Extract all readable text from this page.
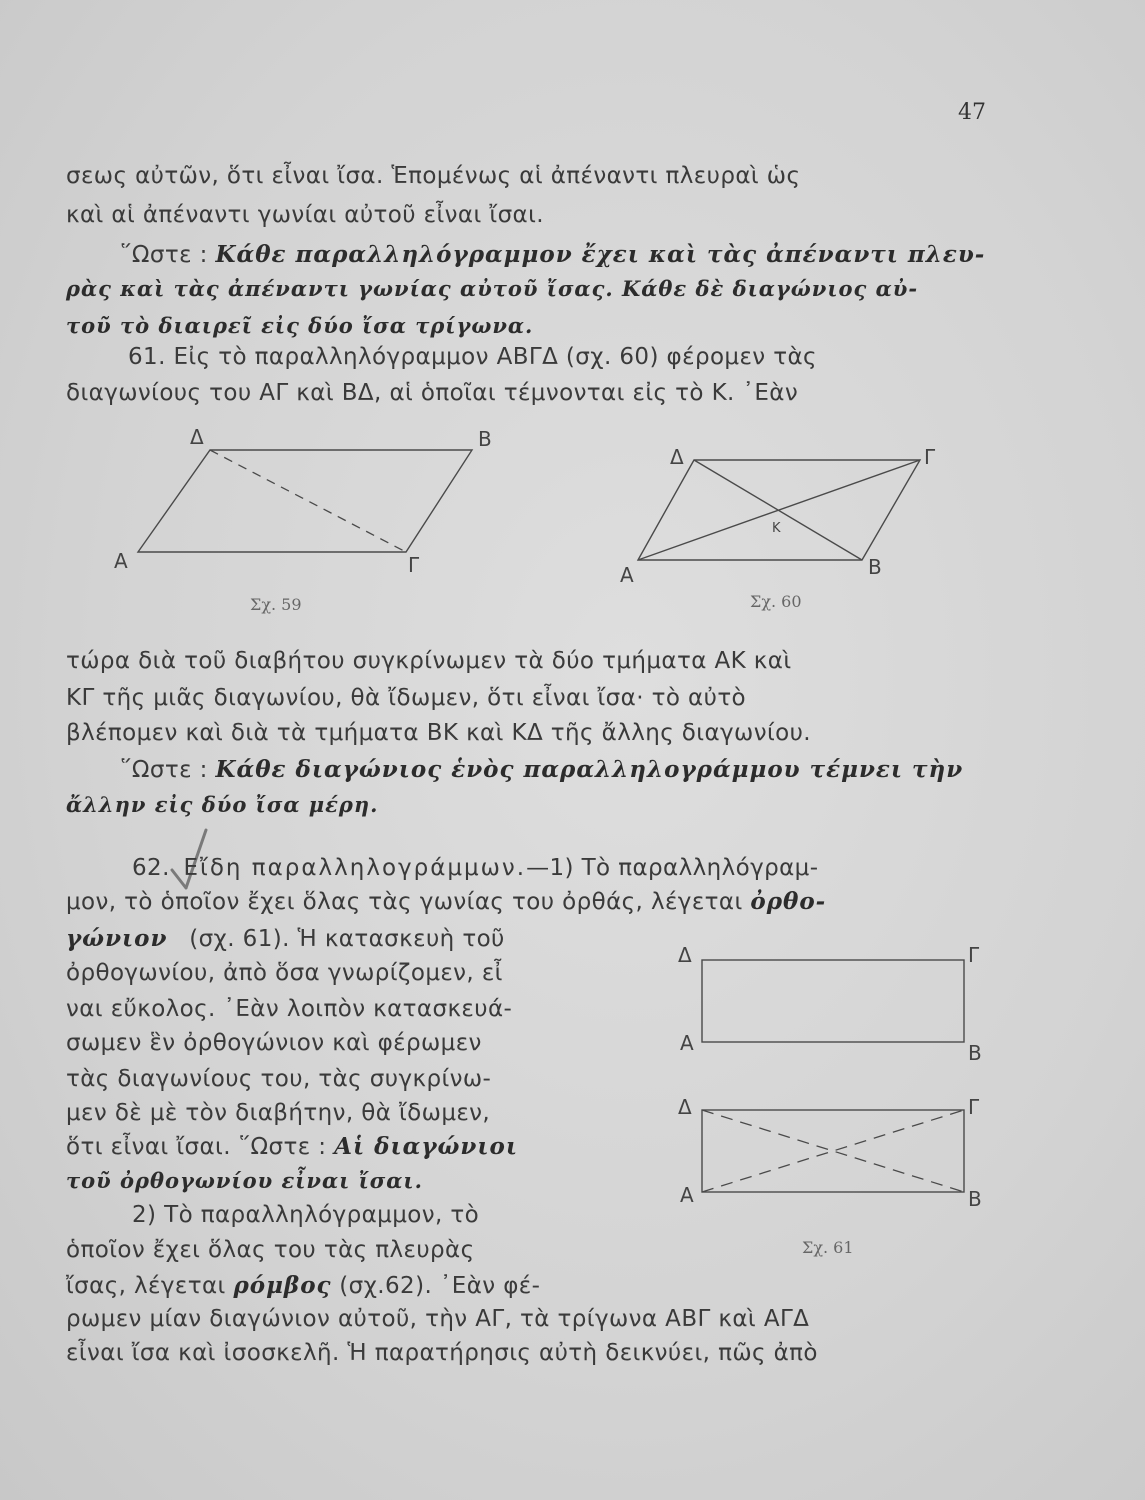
47
σεως αὐτῶν, ὅτι εἶναι ἴσα. Ἑπομένως αἱ ἀπέναντι πλευραὶ ὡς
καὶ αἱ ἀπέναντι γωνίαι αὐτοῦ εἶναι ἴσαι.
῞Ωστε : Κάθε παραλληλόγραμμον ἔχει καὶ τὰς ἀπέναντι πλευ-
ρὰς καὶ τὰς ἀπέναντι γωνίας αὐτοῦ ἴσας. Κάθε δὲ διαγώνιος αὐ-
τοῦ τὸ διαιρεῖ εἰς δύο ἴσα τρίγωνα.
61. Εἰς τὸ παραλληλόγραμμον ΑΒΓΔ (σχ. 60) φέρομεν τὰς
διαγωνίους του ΑΓ καὶ ΒΔ, αἱ ὁποῖαι τέμνονται εἰς τὸ Κ. ᾿Εὰν
Δ	Β
Α	Γ
Σχ. 59
Δ	Γ
Α	Β
Κ
Σχ. 60
τώρα διὰ τοῦ διαβήτου συγκρίνωμεν τὰ δύο τμήματα ΑΚ καὶ
ΚΓ τῆς μιᾶς διαγωνίου, θὰ ἴδωμεν, ὅτι εἶναι ἴσα· τὸ αὐτὸ
βλέπομεν καὶ διὰ τὰ τμήματα ΒΚ καὶ ΚΔ τῆς ἄλλης διαγωνίου.
῞Ωστε : Κάθε διαγώνιος ἑνὸς παραλληλογράμμου τέμνει τὴν
ἄλλην εἰς δύο ἴσα μέρη.
62. Εἴδη παραλληλογράμμων.—1) Τὸ παραλληλόγραμ-
μον, τὸ ὁποῖον ἔχει ὅλας τὰς γωνίας του ὀρθάς, λέγεται ὀρθο-
γώνιον (σχ. 61). Ἡ κατασκευὴ τοῦ
ὀρθογωνίου, ἀπὸ ὅσα γνωρίζομεν, εἶ
ναι εὔκολος. ᾿Εὰν λοιπὸν κατασκευά-
σωμεν ἓν ὀρθογώνιον καὶ φέρωμεν
τὰς διαγωνίους του, τὰς συγκρίνω-
μεν δὲ μὲ τὸν διαβήτην, θὰ ἴδωμεν,
ὅτι εἶναι ἴσαι. ῞Ωστε : Αἱ διαγώνιοι
τοῦ ὀρθογωνίου εἶναι ἴσαι.
2) Τὸ παραλληλόγραμμον, τὸ
ὁποῖον ἔχει ὅλας του τὰς πλευρὰς
ἴσας, λέγεται ρόμβος (σχ.62). ᾿Εὰν φέ-
ρωμεν μίαν διαγώνιον αὐτοῦ, τὴν ΑΓ, τὰ τρίγωνα ΑΒΓ καὶ ΑΓΔ
εἶναι ἴσα καὶ ἰσοσκελῆ. Ἡ παρατήρησις αὐτὴ δεικνύει, πῶς ἀπὸ
Δ	Γ
Α	Β
Δ	Γ
Α	Β
Σχ. 61
